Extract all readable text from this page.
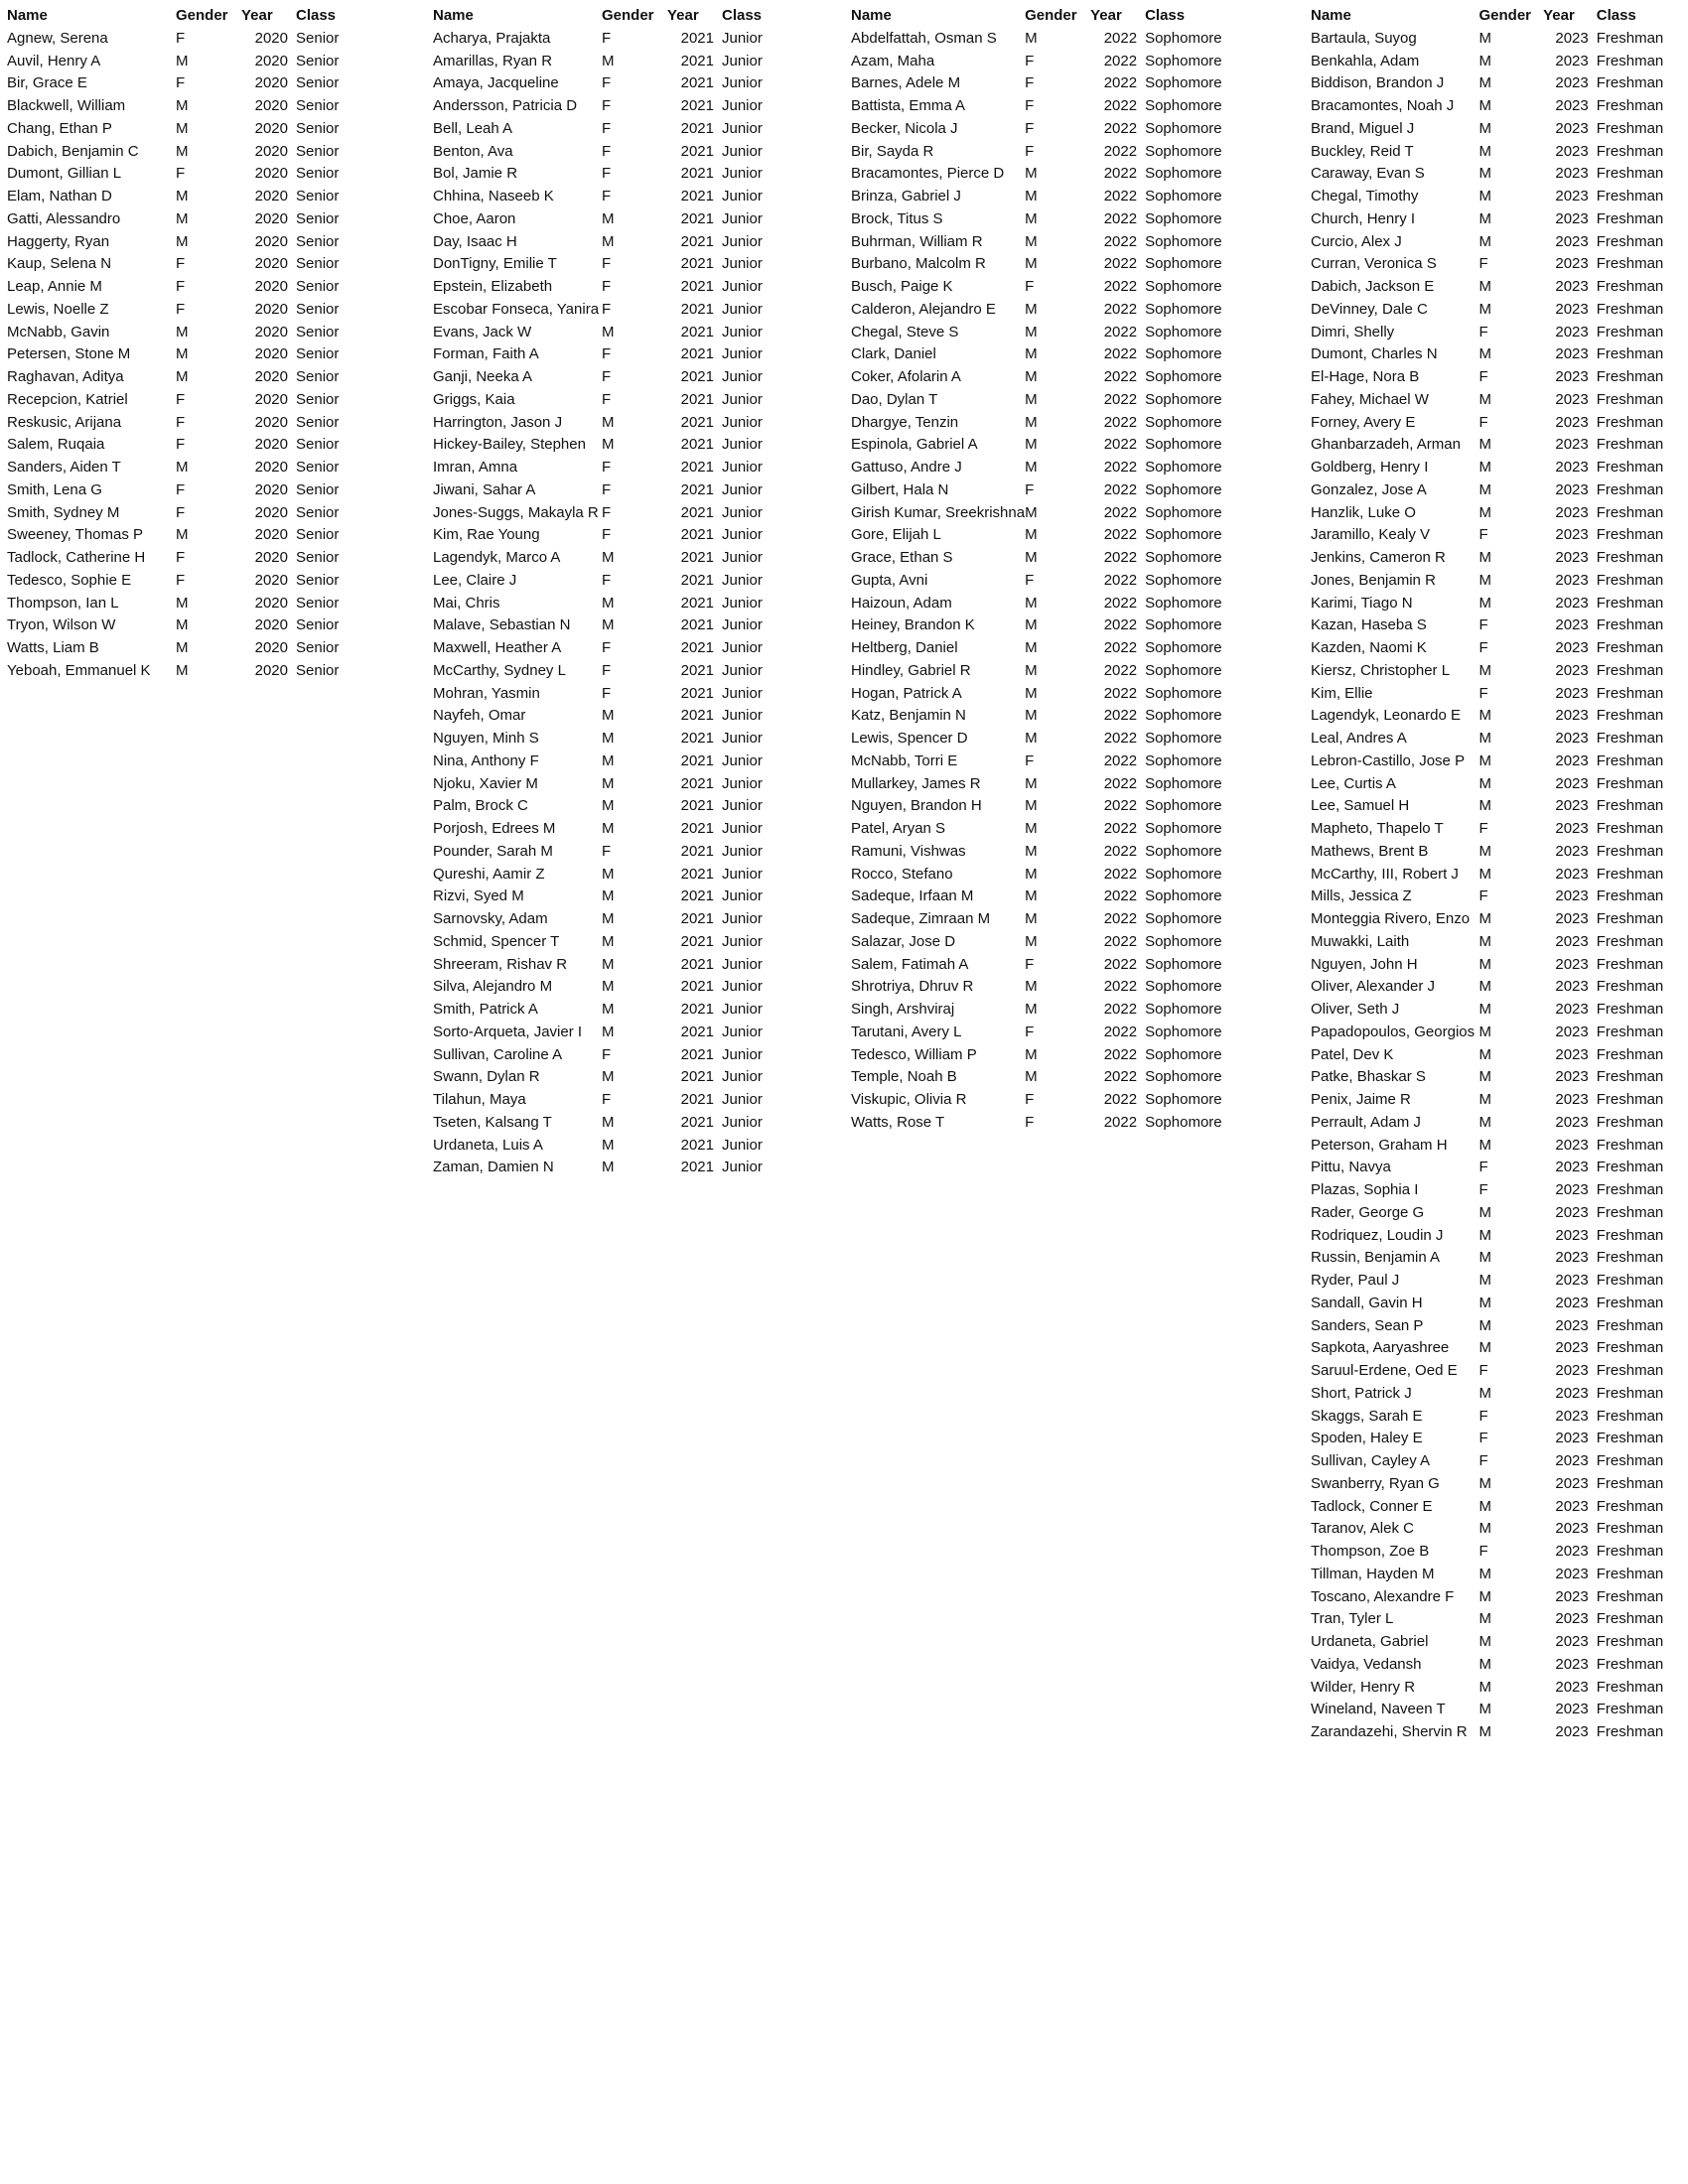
Name	Gender	Year	Class
Agnew, Serena	F	2020	Senior
Auvil, Henry A	M	2020	Senior
Bir, Grace E	F	2020	Senior
Blackwell, William	M	2020	Senior
Chang, Ethan P	M	2020	Senior
Dabich, Benjamin C	M	2020	Senior
Dumont, Gillian L	F	2020	Senior
Elam, Nathan D	M	2020	Senior
Gatti, Alessandro	M	2020	Senior
Haggerty, Ryan	M	2020	Senior
Kaup, Selena N	F	2020	Senior
Leap, Annie M	F	2020	Senior
Lewis, Noelle Z	F	2020	Senior
McNabb, Gavin	M	2020	Senior
Petersen, Stone M	M	2020	Senior
Raghavan, Aditya	M	2020	Senior
Recepcion, Katriel	F	2020	Senior
Reskusic, Arijana	F	2020	Senior
Salem, Ruqaia	F	2020	Senior
Sanders, Aiden T	M	2020	Senior
Smith, Lena G	F	2020	Senior
Smith, Sydney M	F	2020	Senior
Sweeney, Thomas P	M	2020	Senior
Tadlock, Catherine H	F	2020	Senior
Tedesco, Sophie E	F	2020	Senior
Thompson, Ian L	M	2020	Senior
Tryon, Wilson W	M	2020	Senior
Watts, Liam B	M	2020	Senior
Yeboah, Emmanuel K	M	2020	Senior
Name	Gender	Year	Class
Acharya, Prajakta	F	2021	Junior
Amarillas, Ryan R	M	2021	Junior
Amaya, Jacqueline	F	2021	Junior
Andersson, Patricia D	F	2021	Junior
Bell, Leah A	F	2021	Junior
Benton, Ava	F	2021	Junior
Bol, Jamie R	F	2021	Junior
Chhina, Naseeb K	F	2021	Junior
Choe, Aaron	M	2021	Junior
Day, Isaac H	M	2021	Junior
DonTigny, Emilie T	F	2021	Junior
Epstein, Elizabeth	F	2021	Junior
Escobar Fonseca, Yanira	F	2021	Junior
Evans, Jack W	M	2021	Junior
Forman, Faith A	F	2021	Junior
Ganji, Neeka A	F	2021	Junior
Griggs, Kaia	F	2021	Junior
Harrington, Jason J	M	2021	Junior
Hickey-Bailey, Stephen	M	2021	Junior
Imran, Amna	F	2021	Junior
Jiwani, Sahar A	F	2021	Junior
Jones-Suggs, Makayla R	F	2021	Junior
Kim, Rae Young	F	2021	Junior
Lagendyk, Marco A	M	2021	Junior
Lee, Claire J	F	2021	Junior
Mai, Chris	M	2021	Junior
Malave, Sebastian N	M	2021	Junior
Maxwell, Heather A	F	2021	Junior
McCarthy, Sydney L	F	2021	Junior
Mohran, Yasmin	F	2021	Junior
Nayfeh, Omar	M	2021	Junior
Nguyen, Minh S	M	2021	Junior
Nina, Anthony F	M	2021	Junior
Njoku, Xavier M	M	2021	Junior
Palm, Brock C	M	2021	Junior
Porjosh, Edrees M	M	2021	Junior
Pounder, Sarah M	F	2021	Junior
Qureshi, Aamir Z	M	2021	Junior
Rizvi, Syed M	M	2021	Junior
Sarnovsky, Adam	M	2021	Junior
Schmid, Spencer T	M	2021	Junior
Shreeram, Rishav R	M	2021	Junior
Silva, Alejandro M	M	2021	Junior
Smith, Patrick A	M	2021	Junior
Sorto-Arqueta, Javier I	M	2021	Junior
Sullivan, Caroline A	F	2021	Junior
Swann, Dylan R	M	2021	Junior
Tilahun, Maya	F	2021	Junior
Tseten, Kalsang T	M	2021	Junior
Urdaneta, Luis A	M	2021	Junior
Zaman, Damien N	M	2021	Junior
Name	Gender	Year	Class
Abdelfattah, Osman S	M	2022	Sophomore
Azam, Maha	F	2022	Sophomore
Barnes, Adele M	F	2022	Sophomore
Battista, Emma A	F	2022	Sophomore
Becker, Nicola J	F	2022	Sophomore
Bir, Sayda R	F	2022	Sophomore
Bracamontes, Pierce D	M	2022	Sophomore
Brinza, Gabriel J	M	2022	Sophomore
Brock, Titus S	M	2022	Sophomore
Buhrman, William R	M	2022	Sophomore
Burbano, Malcolm R	M	2022	Sophomore
Busch, Paige K	F	2022	Sophomore
Calderon, Alejandro E	M	2022	Sophomore
Chegal, Steve S	M	2022	Sophomore
Clark, Daniel	M	2022	Sophomore
Coker, Afolarin A	M	2022	Sophomore
Dao, Dylan T	M	2022	Sophomore
Dhargye, Tenzin	M	2022	Sophomore
Espinola, Gabriel A	M	2022	Sophomore
Gattuso, Andre J	M	2022	Sophomore
Gilbert, Hala N	F	2022	Sophomore
Girish Kumar, Sreekrishna	M	2022	Sophomore
Gore, Elijah L	M	2022	Sophomore
Grace, Ethan S	M	2022	Sophomore
Gupta, Avni	F	2022	Sophomore
Haizoun, Adam	M	2022	Sophomore
Heiney, Brandon K	M	2022	Sophomore
Heltberg, Daniel	M	2022	Sophomore
Hindley, Gabriel R	M	2022	Sophomore
Hogan, Patrick A	M	2022	Sophomore
Katz, Benjamin N	M	2022	Sophomore
Lewis, Spencer D	M	2022	Sophomore
McNabb, Torri E	F	2022	Sophomore
Mullarkey, James R	M	2022	Sophomore
Nguyen, Brandon H	M	2022	Sophomore
Patel, Aryan S	M	2022	Sophomore
Ramuni, Vishwas	M	2022	Sophomore
Rocco, Stefano	M	2022	Sophomore
Sadeque, Irfaan M	M	2022	Sophomore
Sadeque, Zimraan M	M	2022	Sophomore
Salazar, Jose D	M	2022	Sophomore
Salem, Fatimah A	F	2022	Sophomore
Shrotriya, Dhruv R	M	2022	Sophomore
Singh, Arshviraj	M	2022	Sophomore
Tarutani, Avery L	F	2022	Sophomore
Tedesco, William P	M	2022	Sophomore
Temple, Noah B	M	2022	Sophomore
Viskupic, Olivia R	F	2022	Sophomore
Watts, Rose T	F	2022	Sophomore
Name	Gender	Year	Class
Bartaula, Suyog	M	2023	Freshman
Benkahla, Adam	M	2023	Freshman
Biddison, Brandon J	M	2023	Freshman
Bracamontes, Noah J	M	2023	Freshman
Brand, Miguel J	M	2023	Freshman
Buckley, Reid T	M	2023	Freshman
Caraway, Evan S	M	2023	Freshman
Chegal, Timothy	M	2023	Freshman
Church, Henry I	M	2023	Freshman
Curcio, Alex J	M	2023	Freshman
Curran, Veronica S	F	2023	Freshman
Dabich, Jackson E	M	2023	Freshman
DeVinney, Dale C	M	2023	Freshman
Dimri, Shelly	F	2023	Freshman
Dumont, Charles N	M	2023	Freshman
El-Hage, Nora B	F	2023	Freshman
Fahey, Michael W	M	2023	Freshman
Forney, Avery E	F	2023	Freshman
Ghanbarzadeh, Arman	M	2023	Freshman
Goldberg, Henry I	M	2023	Freshman
Gonzalez, Jose A	M	2023	Freshman
Hanzlik, Luke O	M	2023	Freshman
Jaramillo, Kealy V	F	2023	Freshman
Jenkins, Cameron R	M	2023	Freshman
Jones, Benjamin R	M	2023	Freshman
Karimi, Tiago N	M	2023	Freshman
Kazan, Haseba S	F	2023	Freshman
Kazden, Naomi K	F	2023	Freshman
Kiersz, Christopher L	M	2023	Freshman
Kim, Ellie	F	2023	Freshman
Lagendyk, Leonardo E	M	2023	Freshman
Leal, Andres A	M	2023	Freshman
Lebron-Castillo, Jose P	M	2023	Freshman
Lee, Curtis A	M	2023	Freshman
Lee, Samuel H	M	2023	Freshman
Mapheto, Thapelo T	F	2023	Freshman
Mathews, Brent B	M	2023	Freshman
McCarthy, III, Robert J	M	2023	Freshman
Mills, Jessica Z	F	2023	Freshman
Monteggia Rivero, Enzo	M	2023	Freshman
Muwakki, Laith	M	2023	Freshman
Nguyen, John H	M	2023	Freshman
Oliver, Alexander J	M	2023	Freshman
Oliver, Seth J	M	2023	Freshman
Papadopoulos, Georgios	M	2023	Freshman
Patel, Dev K	M	2023	Freshman
Patke, Bhaskar S	M	2023	Freshman
Penix, Jaime R	M	2023	Freshman
Perrault, Adam J	M	2023	Freshman
Peterson, Graham H	M	2023	Freshman
Pittu, Navya	F	2023	Freshman
Plazas, Sophia I	F	2023	Freshman
Rader, George G	M	2023	Freshman
Rodriquez, Loudin J	M	2023	Freshman
Russin, Benjamin A	M	2023	Freshman
Ryder, Paul J	M	2023	Freshman
Sandall, Gavin H	M	2023	Freshman
Sanders, Sean P	M	2023	Freshman
Sapkota, Aaryashree	M	2023	Freshman
Saruul-Erdene, Oed E	F	2023	Freshman
Short, Patrick J	M	2023	Freshman
Skaggs, Sarah E	F	2023	Freshman
Spoden, Haley E	F	2023	Freshman
Sullivan, Cayley A	F	2023	Freshman
Swanberry, Ryan G	M	2023	Freshman
Tadlock, Conner E	M	2023	Freshman
Taranov, Alek C	M	2023	Freshman
Thompson, Zoe B	F	2023	Freshman
Tillman, Hayden M	M	2023	Freshman
Toscano, Alexandre F	M	2023	Freshman
Tran, Tyler L	M	2023	Freshman
Urdaneta, Gabriel	M	2023	Freshman
Vaidya, Vedansh	M	2023	Freshman
Wilder, Henry R	M	2023	Freshman
Wineland, Naveen T	M	2023	Freshman
Zarandazehi, Shervin R	M	2023	Freshman
